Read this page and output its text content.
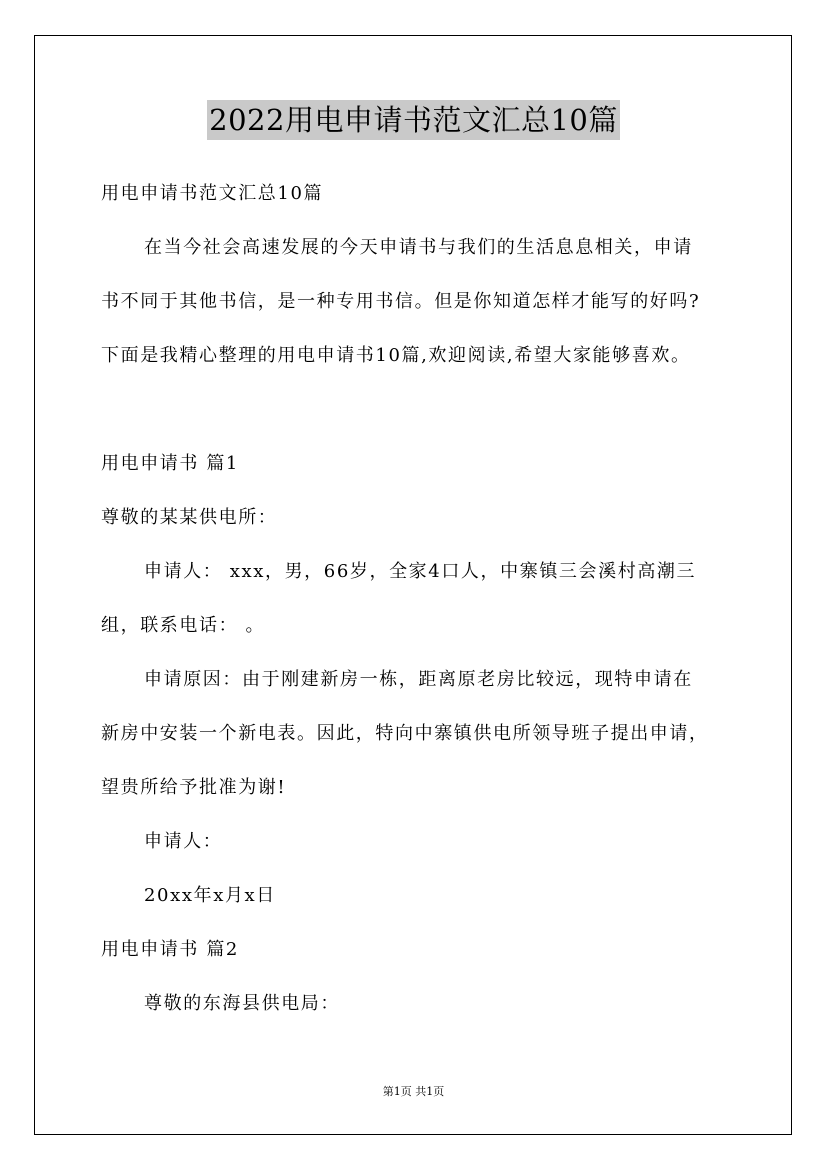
2022用电申请书范文汇总10篇
用电申请书范文汇总10篇
在当今社会高速发展的今天申请书与我们的生活息息相关，申请
书不同于其他书信，是一种专用书信。但是你知道怎样才能写的好吗?
下面是我精心整理的用电申请书10篇,欢迎阅读,希望大家能够喜欢。
用电申请书 篇1
尊敬的某某供电所：
申请人： xxx，男，66岁，全家4口人，中寨镇三会溪村高潮三
组，联系电话： 。
申请原因：由于刚建新房一栋，距离原老房比较远，现特申请在
新房中安装一个新电表。因此，特向中寨镇供电所领导班子提出申请，
望贵所给予批准为谢!
申请人：
20xx年x月x日
用电申请书 篇2
尊敬的东海县供电局：
第1页 共1页
